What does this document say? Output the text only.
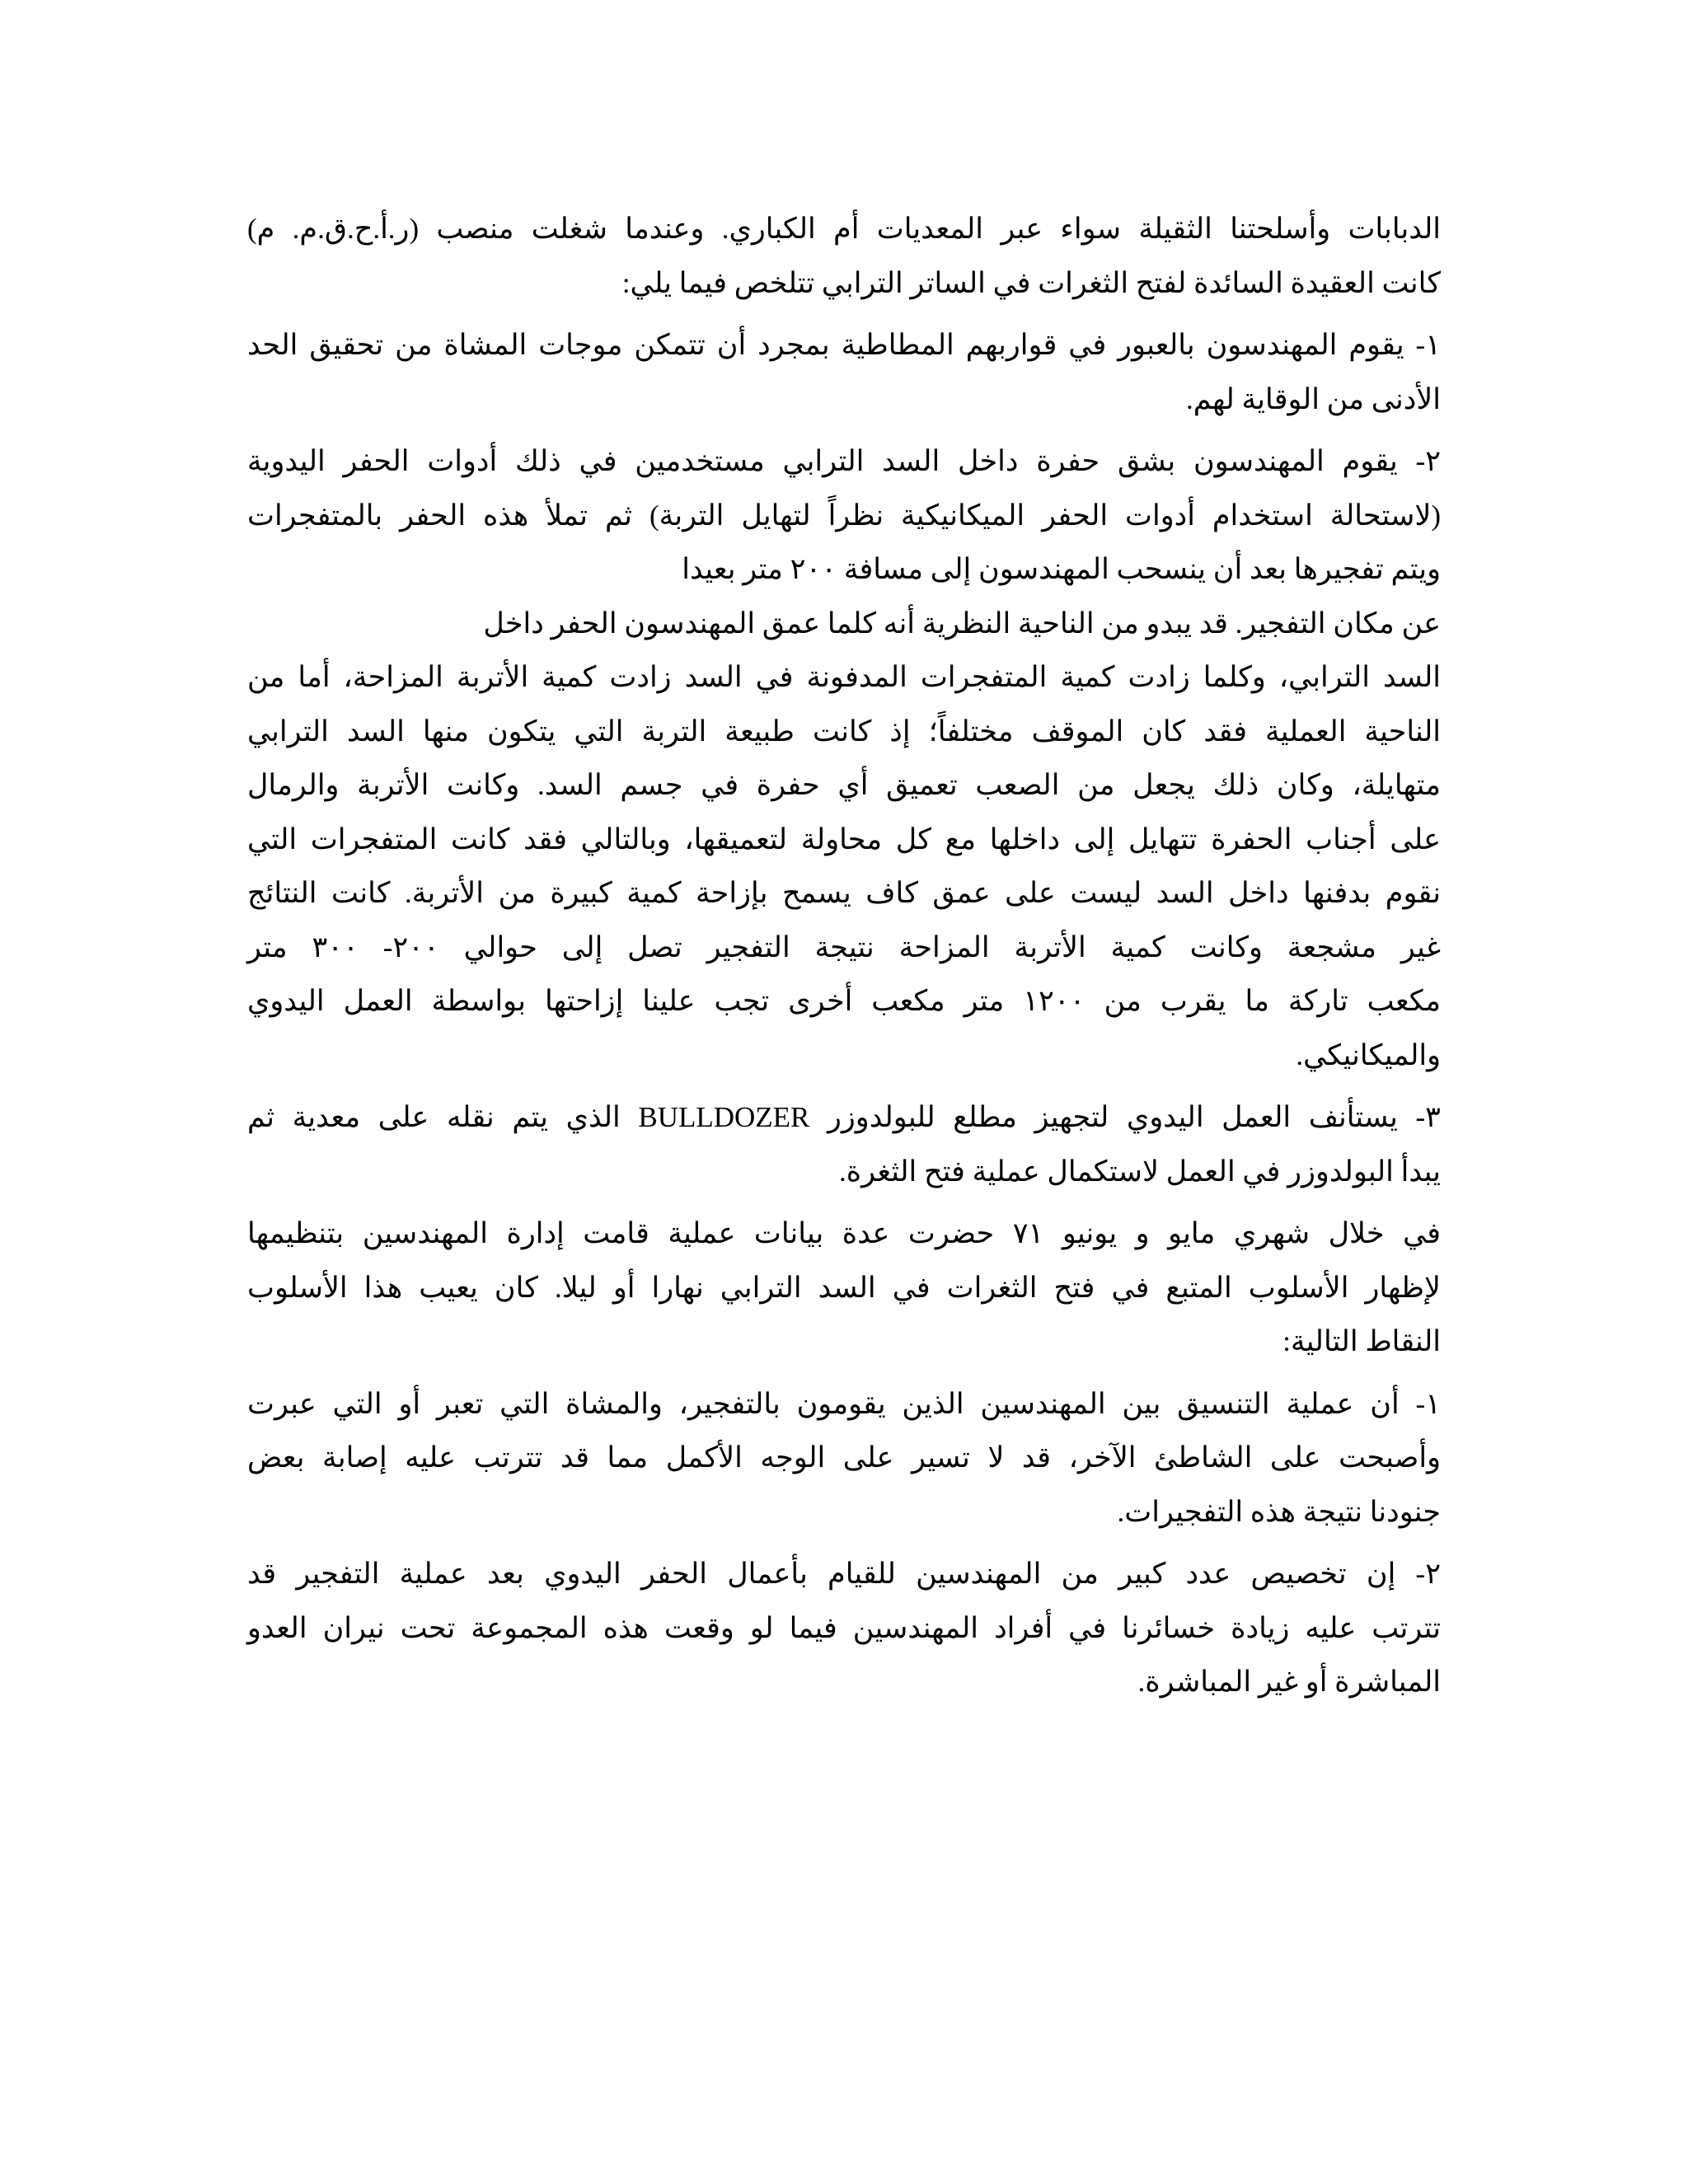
الدبابات وأسلحتنا الثقيلة سواء عبر المعديات أم الكباري. وعندما شغلت منصب (ر.أ.ح.ق.م. م)
كانت العقيدة السائدة لفتح الثغرات في الساتر الترابي تتلخص فيما يلي:
١- يقوم المهندسون بالعبور في قواربهم المطاطية بمجرد أن تتمكن موجات المشاة من تحقيق الحد
الأدنى من الوقاية لهم.
٢- يقوم المهندسون بشق حفرة داخل السد الترابي مستخدمين في ذلك أدوات الحفر اليدوية
(لاستحالة استخدام أدوات الحفر الميكانيكية نظراً لتهايل التربة) ثم تملأ هذه الحفر بالمتفجرات
ويتم تفجيرها بعد أن ينسحب المهندسون إلى مسافة ٢٠٠ متر بعيدا
عن مكان التفجير. قد يبدو من الناحية النظرية أنه كلما عمق المهندسون الحفر داخل
السد الترابي، وكلما زادت كمية المتفجرات المدفونة في السد زادت كمية الأتربة المزاحة، أما من
الناحية العملية فقد كان الموقف مختلفاً؛ إذ كانت طبيعة التربة التي يتكون منها السد الترابي
متهايلة، وكان ذلك يجعل من الصعب تعميق أي حفرة في جسم السد. وكانت الأتربة والرمال
على أجناب الحفرة تتهايل إلى داخلها مع كل محاولة لتعميقها، وبالتالي فقد كانت المتفجرات التي
نقوم بدفنها داخل السد ليست على عمق كاف يسمح بإزاحة كمية كبيرة من الأتربة. كانت النتائج
غير مشجعة وكانت كمية الأتربة المزاحة نتيجة التفجير تصل إلى حوالي ٢٠٠- ٣٠٠ متر
مكعب تاركة ما يقرب من ١٢٠٠ متر مكعب أخرى تجب علينا إزاحتها بواسطة العمل اليدوي
والميكانيكي.
٣- يستأنف العمل اليدوي لتجهيز مطلع للبولدوزر BULLDOZER الذي يتم نقله على معدية ثم
يبدأ البولدوزر في العمل لاستكمال عملية فتح الثغرة.
في خلال شهري مايو و يونيو ٧١ حضرت عدة بيانات عملية قامت إدارة المهندسين بتنظيمها
لإظهار الأسلوب المتبع في فتح الثغرات في السد الترابي نهارا أو ليلا. كان يعيب هذا الأسلوب
النقاط التالية:
١- أن عملية التنسيق بين المهندسين الذين يقومون بالتفجير، والمشاة التي تعبر أو التي عبرت
وأصبحت على الشاطئ الآخر، قد لا تسير على الوجه الأكمل مما قد تترتب عليه إصابة بعض
جنودنا نتيجة هذه التفجيرات.
٢- إن تخصيص عدد كبير من المهندسين للقيام بأعمال الحفر اليدوي بعد عملية التفجير قد
تترتب عليه زيادة خسائرنا في أفراد المهندسين فيما لو وقعت هذه المجموعة تحت نيران العدو
المباشرة أو غير المباشرة.
